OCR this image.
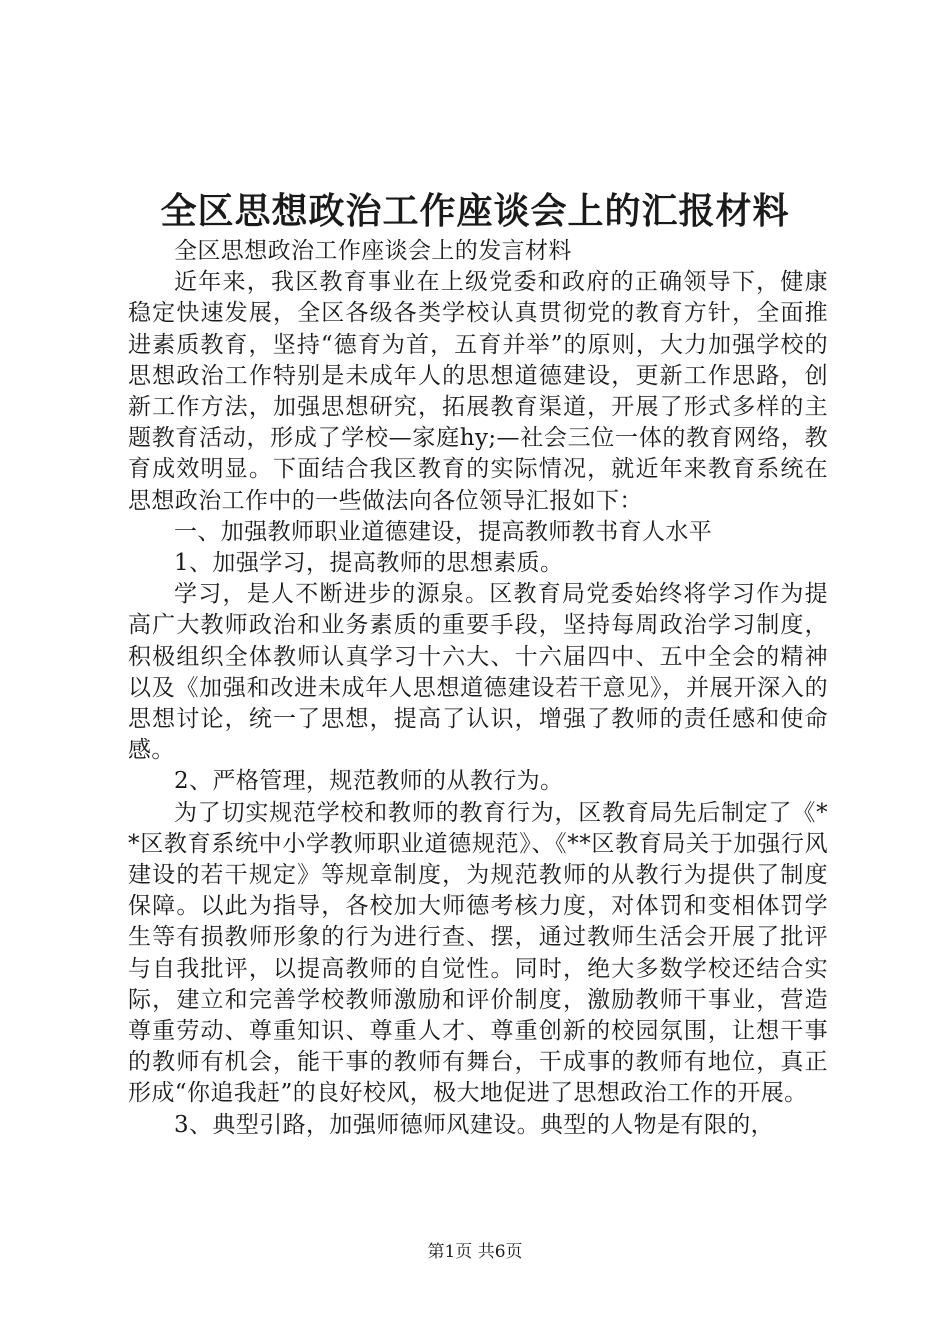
全区思想政治工作座谈会上的汇报材料

全区思想政治工作座谈会上的发言材料

近年来，我区教育事业在上级党委和政府的正确领导下，健康稳定快速发展，全区各级各类学校认真贯彻党的教育方针，全面推进素质教育，坚持“德育为首，五育并举”的原则，大力加强学校的思想政治工作特别是未成年人的思想道德建设，更新工作思路，创新工作方法，加强思想研究，拓展教育渠道，开展了形式多样的主题教育活动，形成了学校—家庭hy;—社会三位一体的教育网络，教育成效明显。下面结合我区教育的实际情况，就近年来教育系统在思想政治工作中的一些做法向各位领导汇报如下：

一、加强教师职业道德建设，提高教师教书育人水平

1、加强学习，提高教师的思想素质。

学习，是人不断进步的源泉。区教育局党委始终将学习作为提高广大教师政治和业务素质的重要手段，坚持每周政治学习制度，积极组织全体教师认真学习十六大、十六届四中、五中全会的精神以及《加强和改进未成年人思想道德建设若干意见》，并展开深入的思想讨论，统一了思想，提高了认识，增强了教师的责任感和使命感。

2、严格管理，规范教师的从教行为。

为了切实规范学校和教师的教育行为，区教育局先后制定了《**区教育系统中小学教师职业道德规范》、《**区教育局关于加强行风建设的若干规定》等规章制度，为规范教师的从教行为提供了制度保障。以此为指导，各校加大师德考核力度，对体罚和变相体罚学生等有损教师形象的行为进行查、摆，通过教师生活会开展了批评与自我批评，以提高教师的自觉性。同时，绝大多数学校还结合实际，建立和完善学校教师激励和评价制度，激励教师干事业，营造尊重劳动、尊重知识、尊重人才、尊重创新的校园氛围，让想干事的教师有机会，能干事的教师有舞台，干成事的教师有地位，真正形成“你追我赶”的良好校风，极大地促进了思想政治工作的开展。

3、典型引路，加强师德师风建设。典型的人物是有限的，

第1页 共6页
